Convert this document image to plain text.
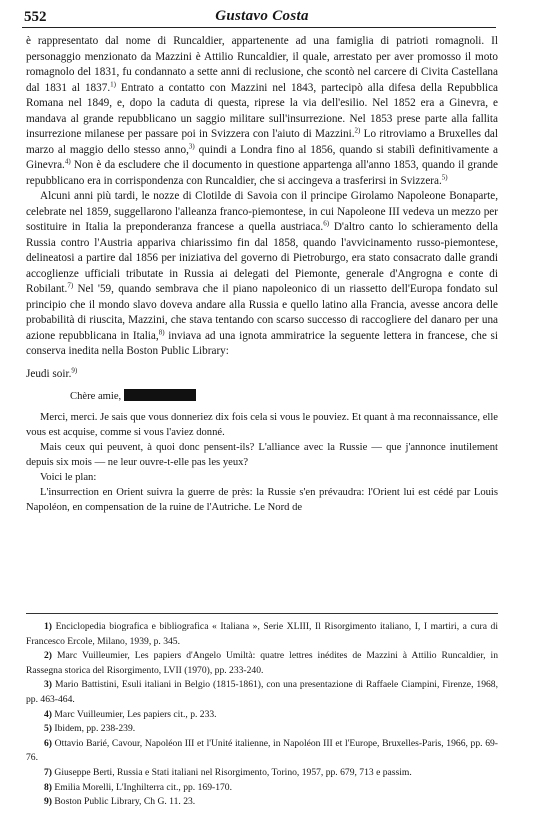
552	Gustavo Costa

è rappresentato dal nome di Runcaldier, appartenente ad una famiglia di patrioti romagnoli. Il personaggio menzionato da Mazzini è Attilio Runcaldier, il quale, arrestato per aver promosso il moto romagnolo del 1831, fu condannato a sette anni di reclusione, che scontò nel carcere di Civita Castellana dal 1831 al 1837.$^{1)}$ Entrato a contatto con Mazzini nel 1843, partecipò alla difesa della Repubblica Romana nel 1849, e, dopo la caduta di questa, riprese la via dell'esilio. Nel 1852 era a Ginevra, e mandava al grande repubblicano un saggio militare sull'insurrezione. Nel 1853 prese parte alla fallita insurrezione milanese per passare poi in Svizzera con l'aiuto di Mazzini.$^{2)}$ Lo ritroviamo a Bruxelles dal marzo al maggio dello stesso anno,$^{3)}$ quindi a Londra fino al 1856, quando si stabilì definitivamente a Ginevra.$^{4)}$ Non è da escludere che il documento in questione appartenga all'anno 1853, quando il grande repubblicano era in corrispondenza con Runcaldier, che si accingeva a trasferirsi in Svizzera.$^{5)}$

Alcuni anni più tardi, le nozze di Clotilde di Savoia con il principe Girolamo Napoleone Bonaparte, celebrate nel 1859, suggellarono l'alleanza franco-piemontese, in cui Napoleone III vedeva un mezzo per sostituire in Italia la preponderanza francese a quella austriaca.$^{6)}$ D'altro canto lo schieramento della Russia contro l'Austria appariva chiarissimo fin dal 1858, quando l'avvicinamento russo-piemontese, delineatosi a partire dal 1856 per iniziativa del governo di Pietroburgo, era stato consacrato dalle grandi accoglienze ufficiali tributate in Russia ai delegati del Piemonte, generale d'Angrogna e conte di Robilant.$^{7)}$ Nel '59, quando sembrava che il piano napoleonico di un riassetto dell'Europa fondato sul principio che il mondo slavo doveva andare alla Russia e quello latino alla Francia, avesse ancora delle probabilità di riuscita, Mazzini, che stava tentando con scarso successo di raccogliere del danaro per una azione repubblicana in Italia,$^{8)}$ inviava ad una ignota ammiratrice la seguente lettera in francese, che si conserva inedita nella Boston Public Library:

Jeudi soir.$^{9)}$

Chère amie,

Merci, merci. Je sais que vous donneriez dix fois cela si vous le pouviez. Et quant à ma reconnaissance, elle vous est acquise, comme si vous l'aviez donné.

Mais ceux qui peuvent, à quoi donc pensent-ils? L'alliance avec la Russie — que j'annonce inutilement depuis six mois — ne leur ouvre-t-elle pas les yeux?

Voici le plan:

L'insurrection en Orient suivra la guerre de près: la Russie s'en prévaudra: l'Orient lui est cédé par Louis Napoléon, en compensation de la ruine de l'Autriche. Le Nord de

1) Enciclopedia biografica e bibliografica « Italiana », Serie XLIII, Il Risorgimento italiano, I, I martiri, a cura di Francesco Ercole, Milano, 1939, p. 345.

2) Marc Vuilleumier, Les papiers d'Angelo Umiltà: quatre lettres inédites de Mazzini à Attilio Runcaldier, in Rassegna storica del Risorgimento, LVII (1970), pp. 233-240.

3) Mario Battistini, Esuli italiani in Belgio (1815-1861), con una presentazione di Raffaele Ciampini, Firenze, 1968, pp. 463-464.

4) Marc Vuilleumier, Les papiers cit., p. 233.

5) Ibidem, pp. 238-239.

6) Ottavio Barié, Cavour, Napoléon III et l'Unité italienne, in Napoléon III et l'Europe, Bruxelles-Paris, 1966, pp. 69-76.

7) Giuseppe Berti, Russia e Stati italiani nel Risorgimento, Torino, 1957, pp. 679, 713 e passim.

8) Emilia Morelli, L'Inghilterra cit., pp. 169-170.

9) Boston Public Library, Ch G. 11. 23.
